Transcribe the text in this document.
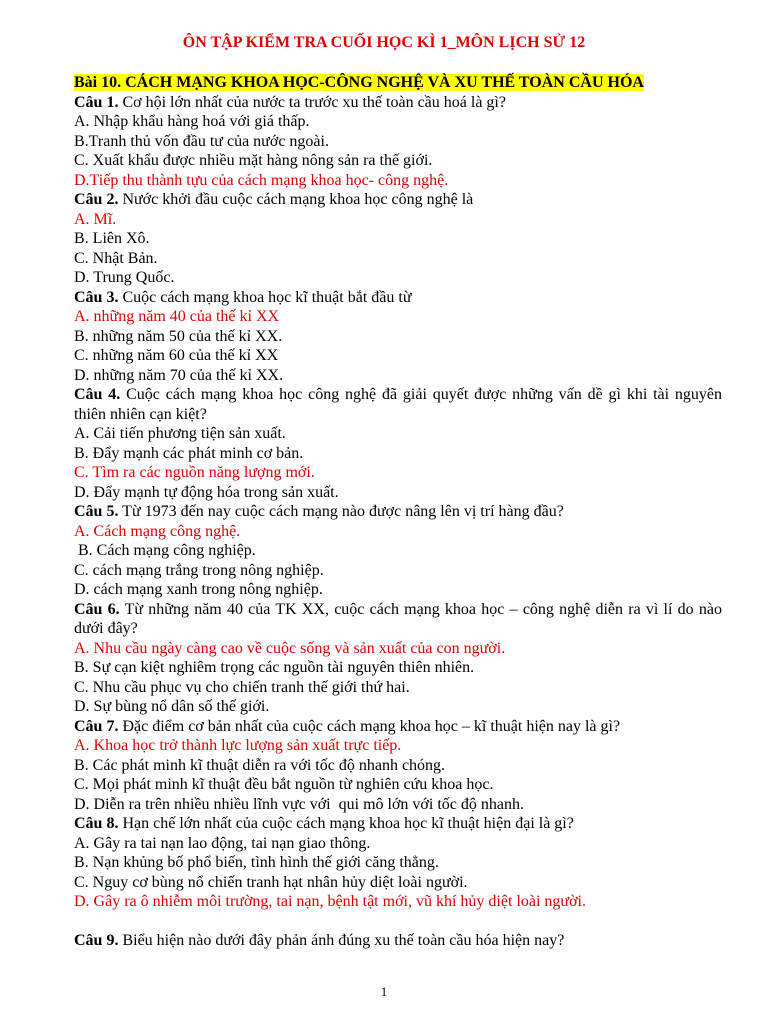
ÔN TẬP KIỂM TRA CUỐI HỌC KÌ 1_MÔN LỊCH SỬ 12
Bài 10. CÁCH MẠNG KHOA HỌC-CÔNG NGHỆ VÀ XU THẾ TOÀN CẦU HÓA
Câu 1. Cơ hội lớn nhất của nước ta trước xu thế toàn cầu hoá là gì?
A. Nhập khẩu hàng hoá với giá thấp.
B.Tranh thủ vốn đầu tư của nước ngoài.
C. Xuất khẩu được nhiều mặt hàng nông sản ra thế giới.
D.Tiếp thu thành tựu của cách mạng khoa học- công nghệ.
Câu 2. Nước khởi đầu cuộc cách mạng khoa học công nghệ là
A. Mĩ.
B. Liên Xô.
C. Nhật Bản.
D. Trung Quốc.
Câu 3. Cuộc cách mạng khoa học kĩ thuật bắt đầu từ
A. những năm 40 của thế kỉ XX
B. những năm 50 của thế kỉ XX.
C. những năm 60 của thế kỉ XX
D. những năm 70 của thế kỉ XX.
Câu 4. Cuộc cách mạng khoa học công nghệ đã giải quyết được những vấn dề gì khi tài nguyên thiên nhiên cạn kiệt?
A. Cải tiến phương tiện sản xuất.
B. Đẩy mạnh các phát minh cơ bản.
C. Tìm ra các nguồn năng lượng mới.
D. Đẩy mạnh tự động hóa trong sản xuất.
Câu 5. Từ 1973 đến nay cuộc cách mạng nào được nâng lên vị trí hàng đầu?
A. Cách mạng công nghệ.
B. Cách mạng công nghiệp.
C. cách mạng trắng trong nông nghiệp.
D. cách mạng xanh trong nông nghiệp.
Câu 6. Từ những năm 40 của TK XX, cuộc cách mạng khoa học – công nghệ diễn ra vì lí do nào dưới đây?
A. Nhu cầu ngày càng cao về cuộc sống và sản xuất của con người.
B. Sự cạn kiệt nghiêm trọng các nguồn tài nguyên thiên nhiên.
C. Nhu cầu phục vụ cho chiến tranh thế giới thứ hai.
D. Sự bùng nổ dân số thế giới.
Câu 7. Đặc điểm cơ bản nhất của cuộc cách mạng khoa học – kĩ thuật hiện nay là gì?
A. Khoa học trở thành lực lượng sản xuất trực tiếp.
B. Các phát minh kĩ thuật diễn ra với tốc độ nhanh chóng.
C. Mọi phát minh kĩ thuật đều bắt nguồn từ nghiên cứu khoa học.
D. Diễn ra trên nhiều nhiều lĩnh vực với  qui mô lớn với tốc độ nhanh.
Câu 8. Hạn chế lớn nhất của cuộc cách mạng khoa học kĩ thuật hiện đại là gì?
A. Gây ra tai nạn lao động, tai nạn giao thông.
B. Nạn khủng bố phổ biến, tình hình thế giới căng thẳng.
C. Nguy cơ bùng nổ chiến tranh hạt nhân hủy diệt loài người.
D. Gây ra ô nhiễm môi trường, tai nạn, bệnh tật mới, vũ khí hủy diệt loài người.
Câu 9. Biểu hiện nào dưới đây phản ánh đúng xu thế toàn cầu hóa hiện nay?
1
